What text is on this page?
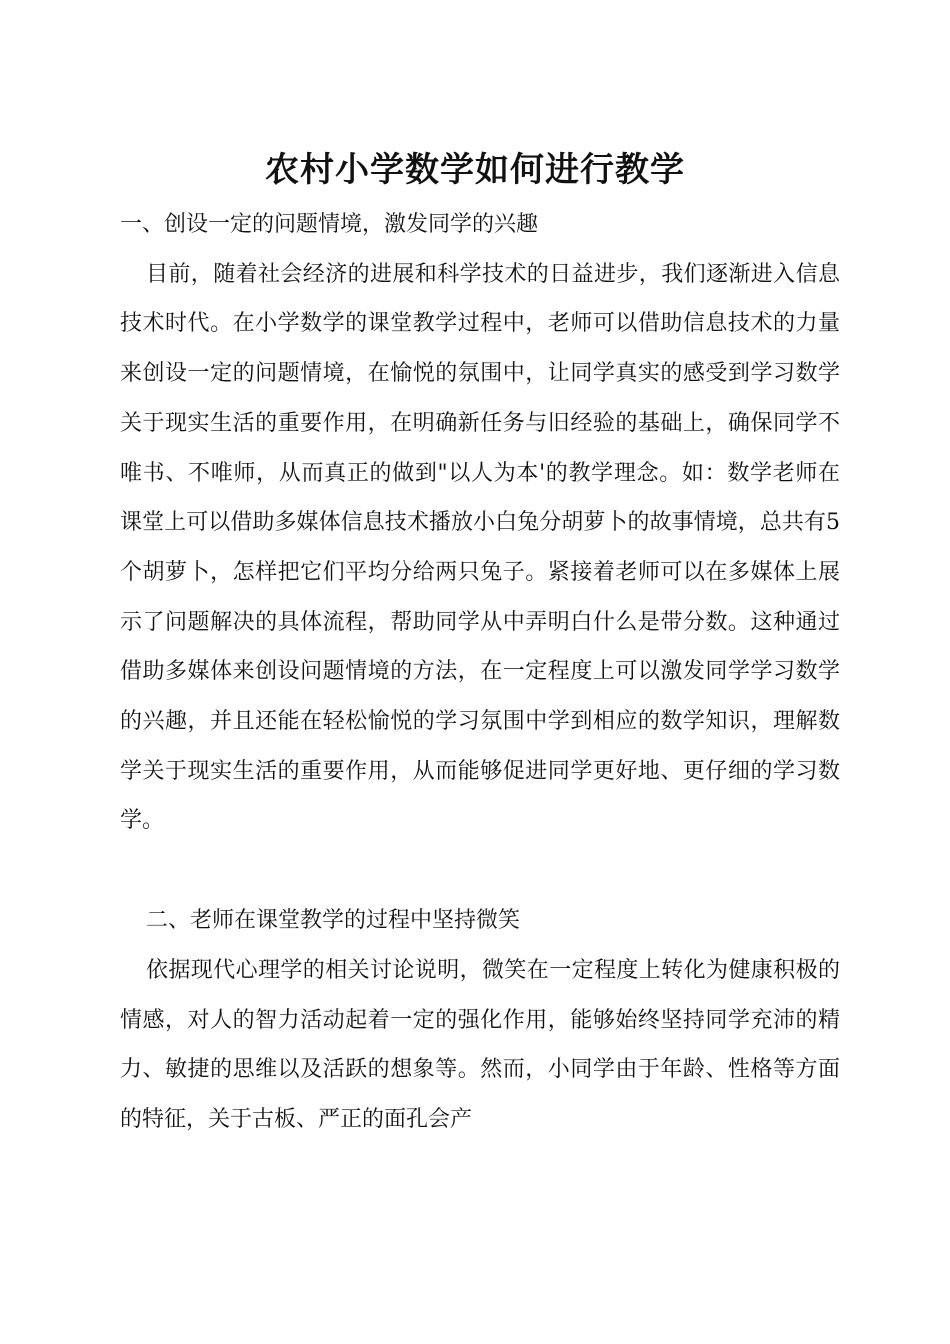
农村小学数学如何进行教学
一、创设一定的问题情境，激发同学的兴趣

目前，随着社会经济的进展和科学技术的日益进步，我们逐渐进入信息技术时代。在小学数学的课堂教学过程中，老师可以借助信息技术的力量来创设一定的问题情境，在愉悦的氛围中，让同学真实的感受到学习数学关于现实生活的重要作用，在明确新任务与旧经验的基础上，确保同学不唯书、不唯师，从而真正的做到"以人为本'的教学理念。如：数学老师在课堂上可以借助多媒体信息技术播放小白兔分胡萝卜的故事情境，总共有5个胡萝卜，怎样把它们平均分给两只兔子。紧接着老师可以在多媒体上展示了问题解决的具体流程，帮助同学从中弄明白什么是带分数。这种通过借助多媒体来创设问题情境的方法，在一定程度上可以激发同学学习数学的兴趣，并且还能在轻松愉悦的学习氛围中学到相应的数学知识，理解数学关于现实生活的重要作用，从而能够促进同学更好地、更仔细的学习数学。

二、老师在课堂教学的过程中坚持微笑

依据现代心理学的相关讨论说明，微笑在一定程度上转化为健康积极的情感，对人的智力活动起着一定的强化作用，能够始终坚持同学充沛的精力、敏捷的思维以及活跃的想象等。然而，小同学由于年龄、性格等方面的特征，关于古板、严正的面孔会产
